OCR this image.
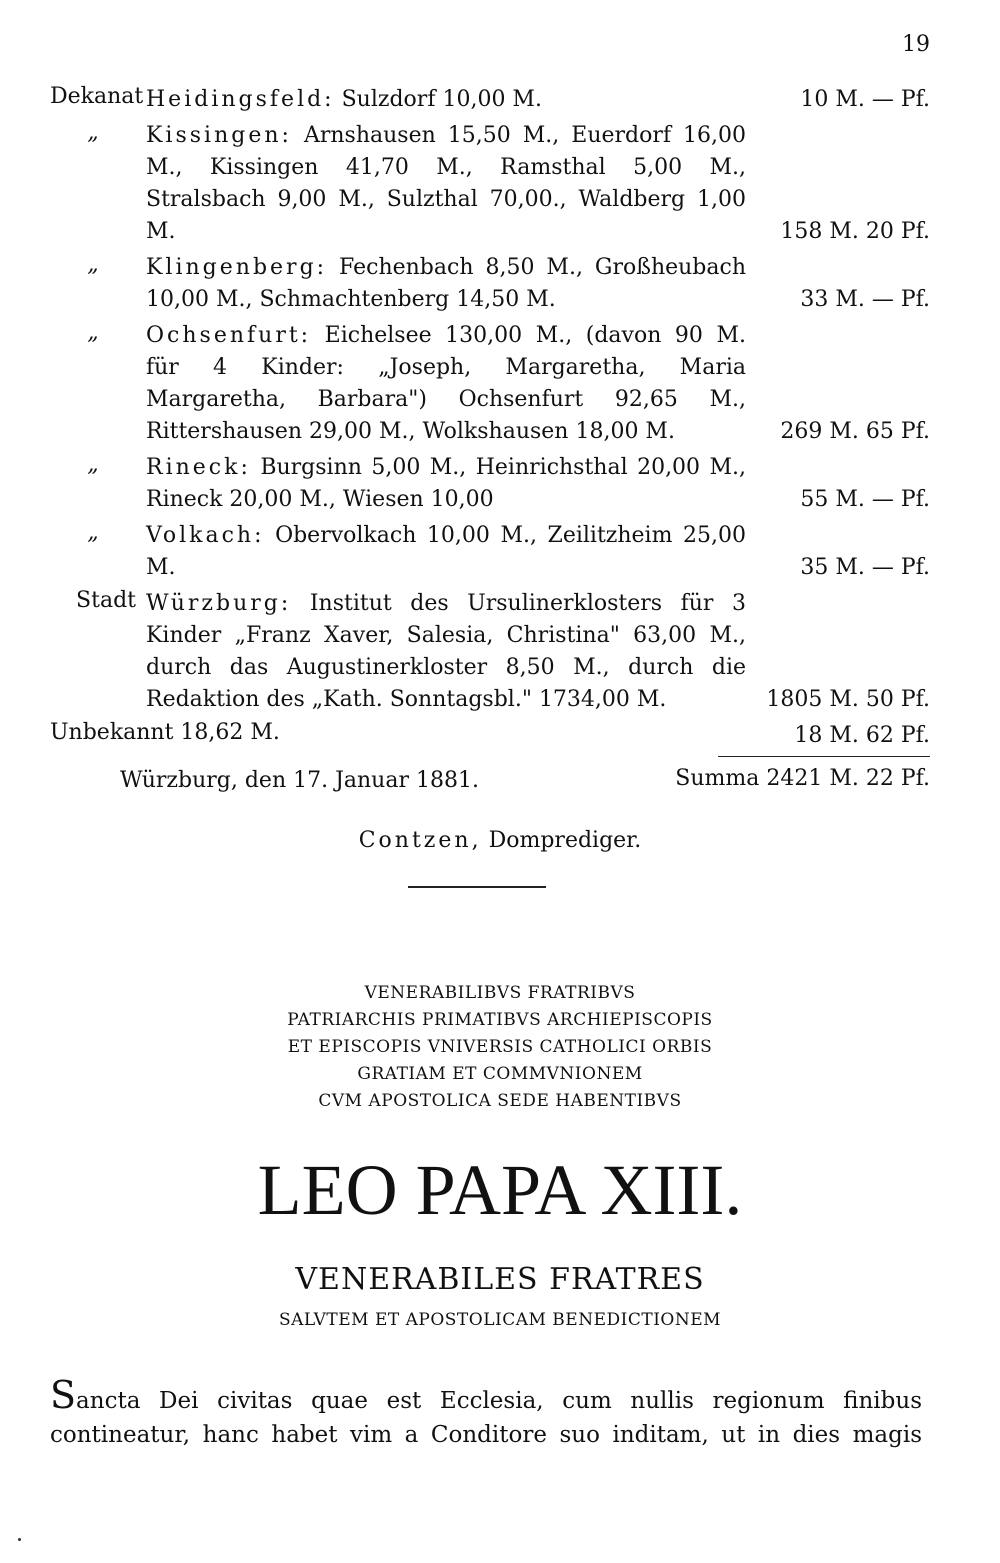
19
Dekanat Heidingsfeld: Sulzdorf 10,00 M.	10 M. — Pf.
„	Kissingen: Arnshausen 15,50 M., Euerdorf 16,00 M., Kissingen 41,70 M., Ramsthal 5,00 M., Stralsbach 9,00 M., Sulzthal 70,00., Waldberg 1,00 M.	158 M. 20 Pf.
„	Klingenberg: Fechenbach 8,50 M., Großheubach 10,00 M., Schmachtenberg 14,50 M.	33 M. — Pf.
„	Ochsenfurt: Eichelsee 130,00 M., (davon 90 M. für 4 Kinder: „Joseph, Margaretha, Maria Margaretha, Barbara") Ochsenfurt 92,65 M., Rittershausen 29,00 M., Wolkshausen 18,00 M.	269 M. 65 Pf.
„	Rineck: Burgsinn 5,00 M., Heinrichsthal 20,00 M., Rineck 20,00 M., Wiesen 10,00	55 M. — Pf.
„	Volkach: Obervolkach 10,00 M., Zeilitzheim 25,00 M.	35 M. — Pf.
Stadt Würzburg: Institut des Ursulinerklosters für 3 Kinder „Franz Xaver, Salesia, Christina" 63,00 M., durch das Augustinerkloster 8,50 M., durch die Redaktion des „Kath. Sonntagsbl." 1734,00 M.	1805 M. 50 Pf.
Unbekannt 18,62 M.	18 M. 62 Pf.
Summa 2421 M. 22 Pf.
Würzburg, den 17. Januar 1881.
Contzen, Domprediger.
VENERABILIBVS FRATRIBVS
PATRIARCHIS PRIMATIBVS ARCHIEPISCOPIS
ET EPISCOPIS VNIVERSIS CATHOLICI ORBIS
GRATIAM ET COMMVNIONEM
CVM APOSTOLICA SEDE HABENTIBVS
LEO PAPA XIII.
VENERABILES FRATRES
SALVTEM ET APOSTOLICAM BENEDICTIONEM
Sancta Dei civitas quae est Ecclesia, cum nullis regionum finibus contineatur, hanc habet vim a Conditore suo inditam, ut in dies magis
